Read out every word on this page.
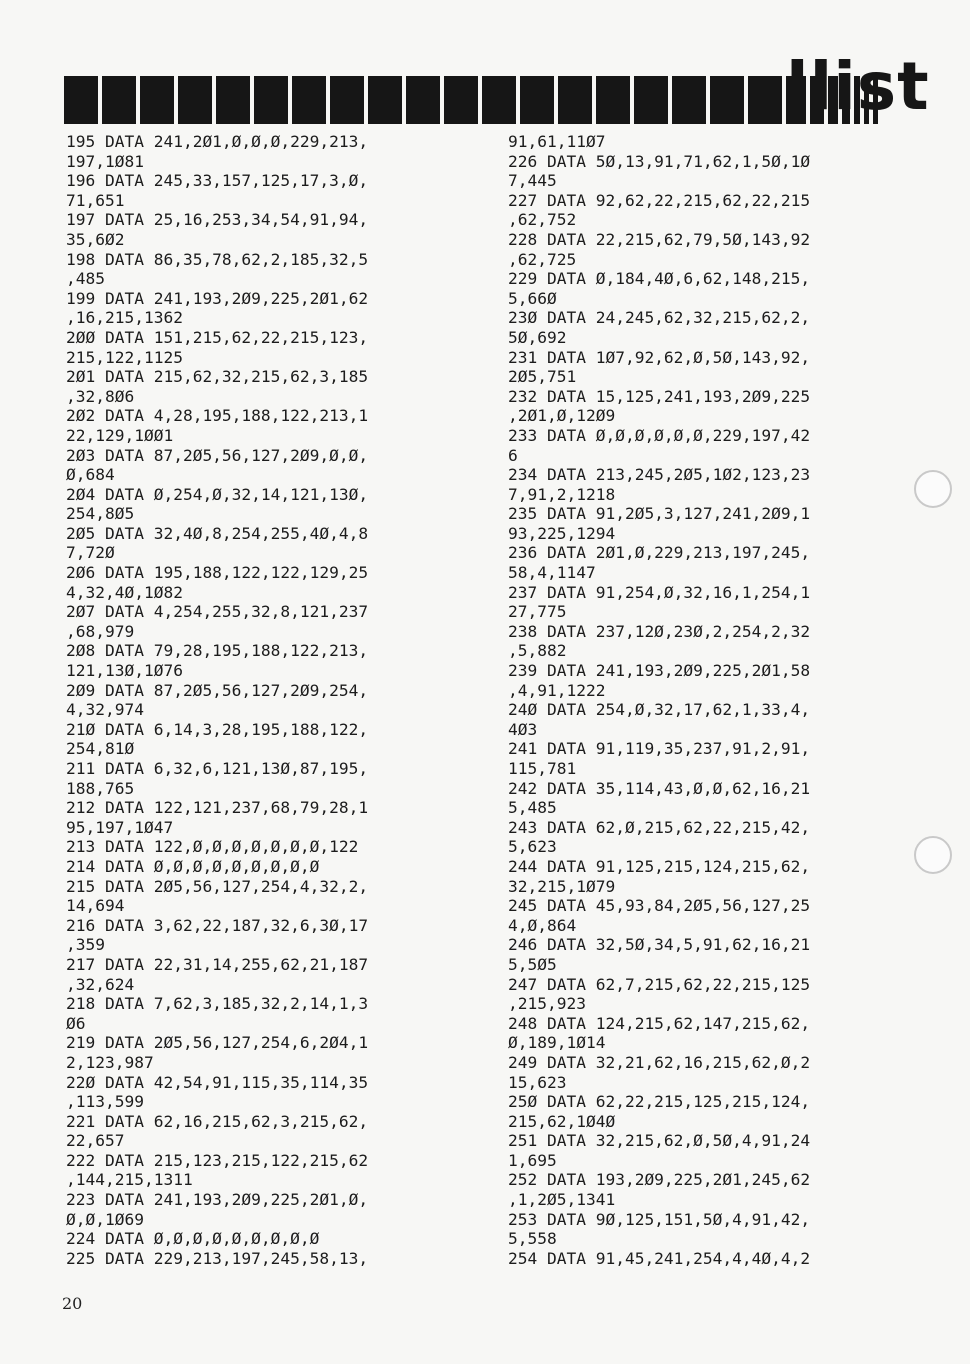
llist
195 DATA 241,2Ø1,Ø,Ø,Ø,229,213,
197,1Ø81
196 DATA 245,33,157,125,17,3,Ø,
71,651
197 DATA 25,16,253,34,54,91,94,
35,6Ø2
198 DATA 86,35,78,62,2,185,32,5
,485
199 DATA 241,193,2Ø9,225,2Ø1,62
,16,215,1362
2ØØ DATA 151,215,62,22,215,123,
215,122,1125
2Ø1 DATA 215,62,32,215,62,3,185
,32,8Ø6
2Ø2 DATA 4,28,195,188,122,213,1
22,129,1ØØ1
2Ø3 DATA 87,2Ø5,56,127,2Ø9,Ø,Ø,
Ø,684
2Ø4 DATA Ø,254,Ø,32,14,121,13Ø,
254,8Ø5
2Ø5 DATA 32,4Ø,8,254,255,4Ø,4,8
7,72Ø
2Ø6 DATA 195,188,122,122,129,25
4,32,4Ø,1Ø82
2Ø7 DATA 4,254,255,32,8,121,237
,68,979
2Ø8 DATA 79,28,195,188,122,213,
121,13Ø,1Ø76
2Ø9 DATA 87,2Ø5,56,127,2Ø9,254,
4,32,974
21Ø DATA 6,14,3,28,195,188,122,
254,81Ø
211 DATA 6,32,6,121,13Ø,87,195,
188,765
212 DATA 122,121,237,68,79,28,1
95,197,1Ø47
213 DATA 122,Ø,Ø,Ø,Ø,Ø,Ø,Ø,122
214 DATA Ø,Ø,Ø,Ø,Ø,Ø,Ø,Ø,Ø
215 DATA 2Ø5,56,127,254,4,32,2,
14,694
216 DATA 3,62,22,187,32,6,3Ø,17
,359
217 DATA 22,31,14,255,62,21,187
,32,624
218 DATA 7,62,3,185,32,2,14,1,3
Ø6
219 DATA 2Ø5,56,127,254,6,2Ø4,1
2,123,987
22Ø DATA 42,54,91,115,35,114,35
,113,599
221 DATA 62,16,215,62,3,215,62,
22,657
222 DATA 215,123,215,122,215,62
,144,215,1311
223 DATA 241,193,2Ø9,225,2Ø1,Ø,
Ø,Ø,1Ø69
224 DATA Ø,Ø,Ø,Ø,Ø,Ø,Ø,Ø,Ø
225 DATA 229,213,197,245,58,13,
91,61,11Ø7
226 DATA 5Ø,13,91,71,62,1,5Ø,1Ø
7,445
227 DATA 92,62,22,215,62,22,215
,62,752
228 DATA 22,215,62,79,5Ø,143,92
,62,725
229 DATA Ø,184,4Ø,6,62,148,215,
5,66Ø
23Ø DATA 24,245,62,32,215,62,2,
5Ø,692
231 DATA 1Ø7,92,62,Ø,5Ø,143,92,
2Ø5,751
232 DATA 15,125,241,193,2Ø9,225
,2Ø1,Ø,12Ø9
233 DATA Ø,Ø,Ø,Ø,Ø,Ø,229,197,42
6
234 DATA 213,245,2Ø5,1Ø2,123,23
7,91,2,1218
235 DATA 91,2Ø5,3,127,241,2Ø9,1
93,225,1294
236 DATA 2Ø1,Ø,229,213,197,245,
58,4,1147
237 DATA 91,254,Ø,32,16,1,254,1
27,775
238 DATA 237,12Ø,23Ø,2,254,2,32
,5,882
239 DATA 241,193,2Ø9,225,2Ø1,58
,4,91,1222
24Ø DATA 254,Ø,32,17,62,1,33,4,
4Ø3
241 DATA 91,119,35,237,91,2,91,
115,781
242 DATA 35,114,43,Ø,Ø,62,16,21
5,485
243 DATA 62,Ø,215,62,22,215,42,
5,623
244 DATA 91,125,215,124,215,62,
32,215,1Ø79
245 DATA 45,93,84,2Ø5,56,127,25
4,Ø,864
246 DATA 32,5Ø,34,5,91,62,16,21
5,5Ø5
247 DATA 62,7,215,62,22,215,125
,215,923
248 DATA 124,215,62,147,215,62,
Ø,189,1Ø14
249 DATA 32,21,62,16,215,62,Ø,2
15,623
25Ø DATA 62,22,215,125,215,124,
215,62,1Ø4Ø
251 DATA 32,215,62,Ø,5Ø,4,91,24
1,695
252 DATA 193,2Ø9,225,2Ø1,245,62
,1,2Ø5,1341
253 DATA 9Ø,125,151,5Ø,4,91,42,
5,558
254 DATA 91,45,241,254,4,4Ø,4,2
20
